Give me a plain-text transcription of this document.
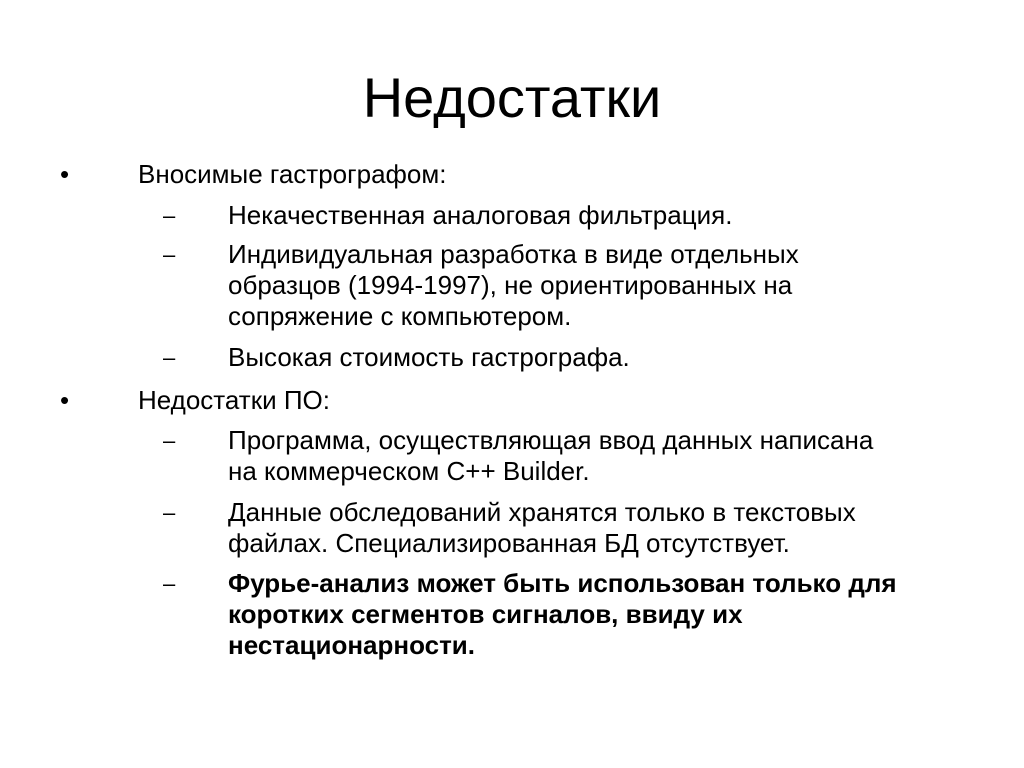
Недостатки
•	Вносимые гастрографом:
– Некачественная аналоговая фильтрация.
– Индивидуальная разработка в виде отдельных
образцов (1994-1997), не ориентированных на
сопряжение с компьютером.
– Высокая стоимость гастрографа.
•	Недостатки ПО:
– Программа, осуществляющая ввод данных написана
на коммерческом C++ Builder.
– Данные обследований хранятся только в текстовых
файлах. Специализированная БД отсутствует.
– Фурье-анализ может быть использован только для
коротких сегментов сигналов, ввиду их
нестационарности.
